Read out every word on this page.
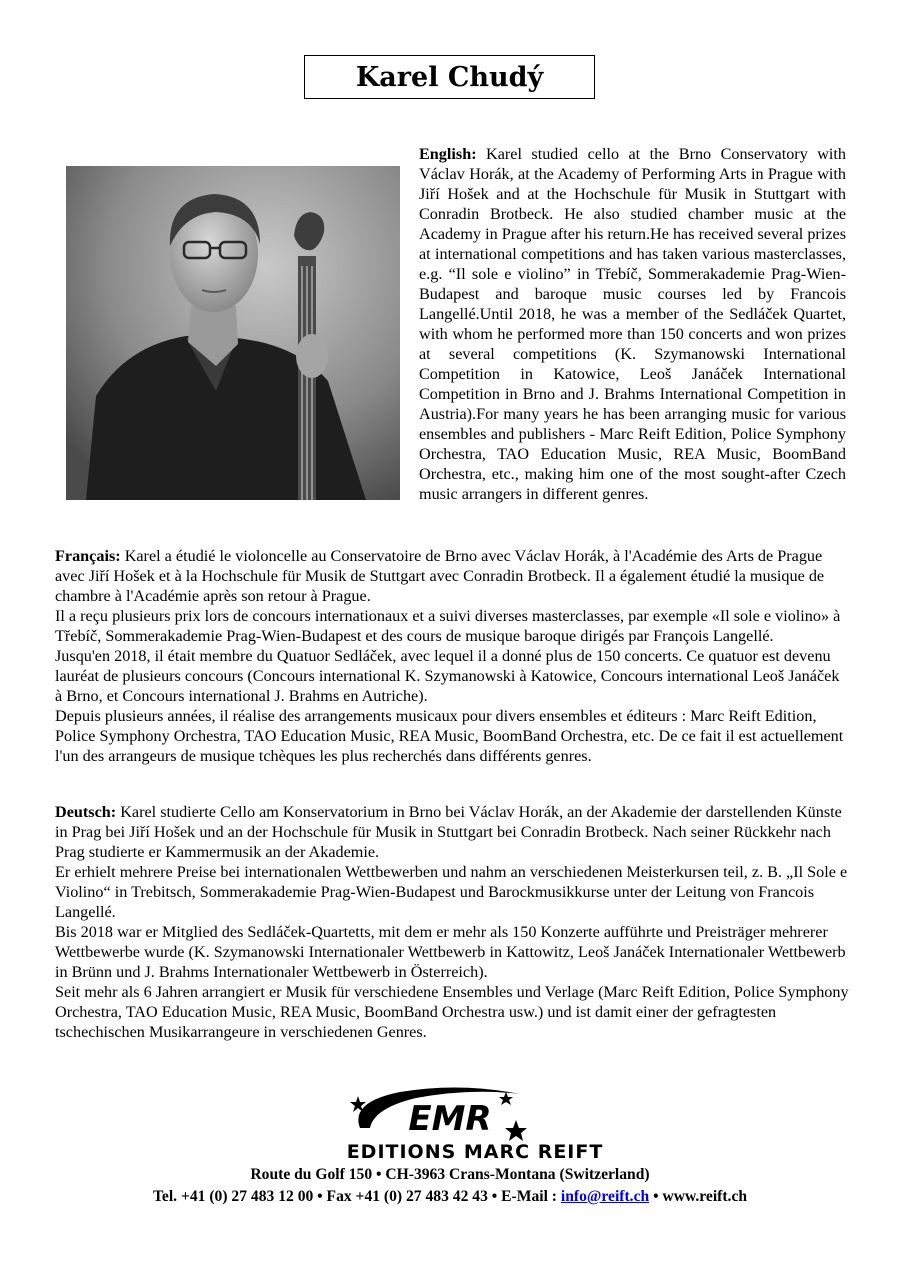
Karel Chudý
English: Karel studied cello at the Brno Conservatory with Václav Horák, at the Academy of Performing Arts in Prague with Jiří Hošek and at the Hochschule für Musik in Stuttgart with Conradin Brotbeck. He also studied chamber music at the Academy in Prague after his return.He has received several prizes at international competitions and has taken various masterclasses, e.g. “Il sole e violino” in Třebíč, Sommerakademie Prag-Wien-Budapest and baroque music courses led by Francois Langellé.Until 2018, he was a member of the Sedláček Quartet, with whom he performed more than 150 concerts and won prizes at several competitions (K. Szymanowski International Competition in Katowice, Leoš Janáček International Competition in Brno and J. Brahms International Competition in Austria).For many years he has been arranging music for various ensembles and publishers - Marc Reift Edition, Police Symphony Orchestra, TAO Education Music, REA Music, BoomBand Orchestra, etc., making him one of the most sought-after Czech music arrangers in different genres.

Français: Karel a étudié le violoncelle au Conservatoire de Brno avec Václav Horák, à l'Académie des Arts de Prague avec Jiří Hošek et à la Hochschule für Musik de Stuttgart avec Conradin Brotbeck. Il a également étudié la musique de chambre à l'Académie après son retour à Prague.

Il a reçu plusieurs prix lors de concours internationaux et a suivi diverses masterclasses, par exemple «Il sole e violino» à Třebíč, Sommerakademie Prag-Wien-Budapest et des cours de musique baroque dirigés par François Langellé.

Jusqu'en 2018, il était membre du Quatuor Sedláček, avec lequel il a donné plus de 150 concerts. Ce quatuor est devenu lauréat de plusieurs concours (Concours international K. Szymanowski à Katowice, Concours international Leoš Janáček à Brno, et Concours international J. Brahms en Autriche).

Depuis plusieurs années, il réalise des arrangements musicaux pour divers ensembles et éditeurs : Marc Reift Edition, Police Symphony Orchestra, TAO Education Music, REA Music, BoomBand Orchestra, etc. De ce fait il est actuellement l'un des arrangeurs de musique tchèques les plus recherchés dans différents genres.

Deutsch: Karel studierte Cello am Konservatorium in Brno bei Václav Horák, an der Akademie der darstellenden Künste in Prag bei Jiří Hošek und an der Hochschule für Musik in Stuttgart bei Conradin Brotbeck. Nach seiner Rückkehr nach Prag studierte er Kammermusik an der Akademie.

Er erhielt mehrere Preise bei internationalen Wettbewerben und nahm an verschiedenen Meisterkursen teil, z. B. „Il Sole e Violino“ in Trebitsch, Sommerakademie Prag-Wien-Budapest und Barockmusikkurse unter der Leitung von Francois Langellé.

Bis 2018 war er Mitglied des Sedláček-Quartetts, mit dem er mehr als 150 Konzerte aufführte und Preisträger mehrerer Wettbewerbe wurde (K. Szymanowski Internationaler Wettbewerb in Kattowitz, Leoš Janáček Internationaler Wettbewerb in Brünn und J. Brahms Internationaler Wettbewerb in Österreich).

Seit mehr als 6 Jahren arrangiert er Musik für verschiedene Ensembles und Verlage (Marc Reift Edition, Police Symphony Orchestra, TAO Education Music, REA Music, BoomBand Orchestra usw.) und ist damit einer der gefragtesten tschechischen Musikarrangeure in verschiedenen Genres.

EMR
EDITIONS MARC REIFT
Route du Golf 150 • CH-3963 Crans-Montana (Switzerland)
Tel. +41 (0) 27 483 12 00 • Fax +41 (0) 27 483 42 43 • E-Mail : info@reift.ch • www.reift.ch
